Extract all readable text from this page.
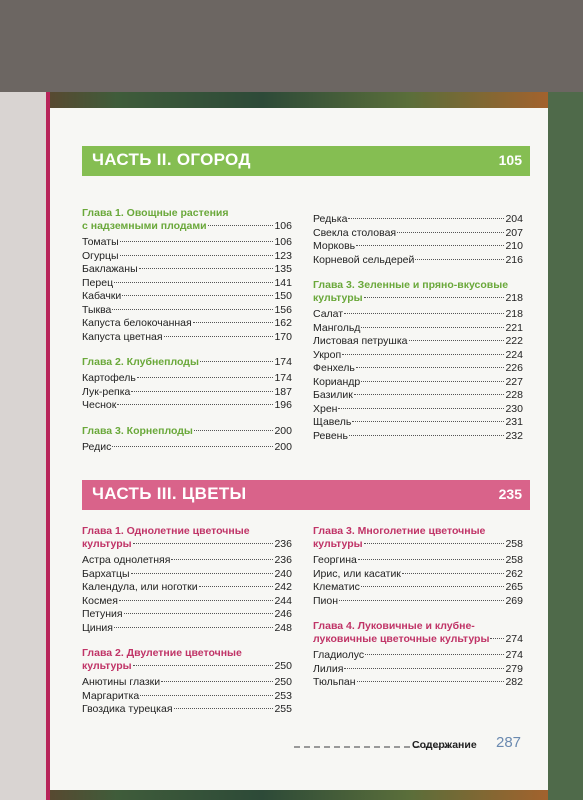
ЧАСТЬ II. ОГОРОД	105
Глава 1. Овощные растения
с надземными плодами	106
Томаты	106
Огурцы	123
Баклажаны	135
Перец	141
Кабачки	150
Тыква	156
Капуста белокочанная	162
Капуста цветная	170
Глава 2. Клубнеплоды	174
Картофель	174
Лук-репка	187
Чеснок	196
Глава 3. Корнеплоды	200
Редис	200
Редька	204
Свекла столовая	207
Морковь	210
Корневой сельдерей	216
Глава 3. Зеленные и пряно-вкусовые
культуры	218
Салат	218
Мангольд	221
Листовая петрушка	222
Укроп	224
Фенхель	226
Кориандр	227
Базилик	228
Хрен	230
Щавель	231
Ревень	232
ЧАСТЬ III. ЦВЕТЫ	235
Глава 1. Однолетние цветочные
культуры	236
Астра однолетняя	236
Бархатцы	240
Календула, или ноготки	242
Космея	244
Петуния	246
Циния	248
Глава 2. Двулетние цветочные
культуры	250
Анютины глазки	250
Маргаритка	253
Гвоздика турецкая	255
Глава 3. Многолетние цветочные
культуры	258
Георгина	258
Ирис, или касатик	262
Клематис	265
Пион	269
Глава 4. Луковичные и клубне-
луковичные цветочные культуры 274
Гладиолус	274
Лилия	279
Тюльпан	282
Содержание 287
